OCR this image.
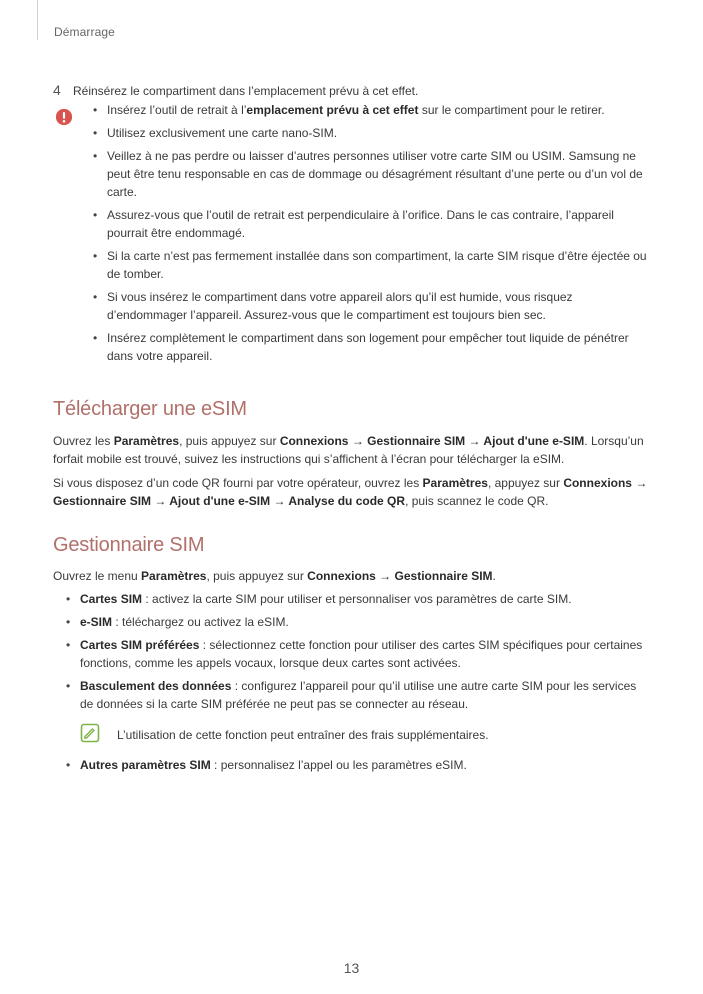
Démarrage
4 Réinsérez le compartiment dans l’emplacement prévu à cet effet.
• Insérez l’outil de retrait à l’emplacement prévu à cet effet sur le compartiment pour le retirer.
• Utilisez exclusivement une carte nano-SIM.
• Veillez à ne pas perdre ou laisser d’autres personnes utiliser votre carte SIM ou USIM. Samsung ne peut être tenu responsable en cas de dommage ou désagrément résultant d’une perte ou d’un vol de carte.
• Assurez-vous que l’outil de retrait est perpendiculaire à l’orifice. Dans le cas contraire, l’appareil pourrait être endommagé.
• Si la carte n’est pas fermement installée dans son compartiment, la carte SIM risque d’être éjectée ou de tomber.
• Si vous insérez le compartiment dans votre appareil alors qu’il est humide, vous risquez d’endommager l’appareil. Assurez-vous que le compartiment est toujours bien sec.
• Insérez complètement le compartiment dans son logement pour empêcher tout liquide de pénétrer dans votre appareil.
Télécharger une eSIM

Ouvrez les Paramètres, puis appuyez sur Connexions → Gestionnaire SIM → Ajout d'une e-SIM. Lorsqu’un forfait mobile est trouvé, suivez les instructions qui s’affichent à l’écran pour télécharger la eSIM.

Si vous disposez d’un code QR fourni par votre opérateur, ouvrez les Paramètres, appuyez sur Connexions → Gestionnaire SIM → Ajout d'une e-SIM → Analyse du code QR, puis scannez le code QR.

Gestionnaire SIM

Ouvrez le menu Paramètres, puis appuyez sur Connexions → Gestionnaire SIM.

• Cartes SIM : activez la carte SIM pour utiliser et personnaliser vos paramètres de carte SIM.
• e-SIM : téléchargez ou activez la eSIM.
• Cartes SIM préférées : sélectionnez cette fonction pour utiliser des cartes SIM spécifiques pour certaines fonctions, comme les appels vocaux, lorsque deux cartes sont activées.
• Basculement des données : configurez l’appareil pour qu’il utilise une autre carte SIM pour les services de données si la carte SIM préférée ne peut pas se connecter au réseau.
L’utilisation de cette fonction peut entraîner des frais supplémentaires.
• Autres paramètres SIM : personnalisez l’appel ou les paramètres eSIM.
13
